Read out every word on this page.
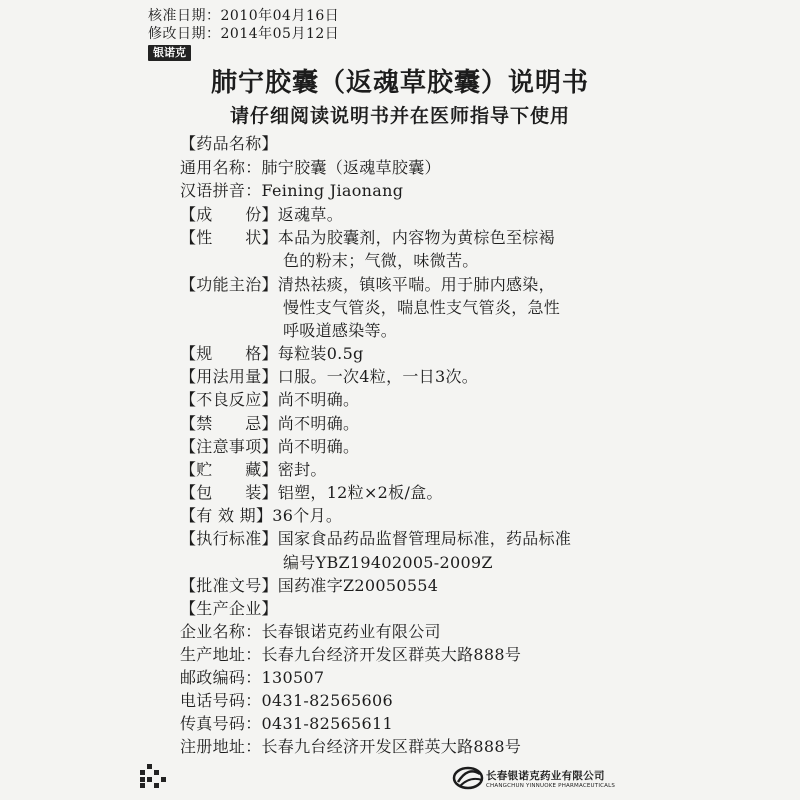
核准日期：2010年04月16日
修改日期：2014年05月12日
银诺克
肺宁胶囊（返魂草胶囊）说明书
请仔细阅读说明书并在医师指导下使用
【药品名称】
通用名称：肺宁胶囊（返魂草胶囊）
汉语拼音：Feining Jiaonang
【成　　份】返魂草。
【性　　状】本品为胶囊剂，内容物为黄棕色至棕褐
色的粉末；气微，味微苦。
【功能主治】清热祛痰，镇咳平喘。用于肺内感染，
慢性支气管炎，喘息性支气管炎，急性
呼吸道感染等。
【规　　格】每粒装0.5g
【用法用量】口服。一次4粒，一日3次。
【不良反应】尚不明确。
【禁　　忌】尚不明确。
【注意事项】尚不明确。
【贮　　藏】密封。
【包　　装】铝塑，12粒×2板/盒。
【有 效 期】36个月。
【执行标准】国家食品药品监督管理局标准，药品标准
编号YBZ19402005-2009Z
【批准文号】国药准字Z20050554
【生产企业】
企业名称：长春银诺克药业有限公司
生产地址：长春九台经济开发区群英大路888号
邮政编码：130507
电话号码：0431-82565606
传真号码：0431-82565611
注册地址：长春九台经济开发区群英大路888号
长春银诺克药业有限公司
CHANGCHUN YINNUOKE PHARMACEUTICALS
